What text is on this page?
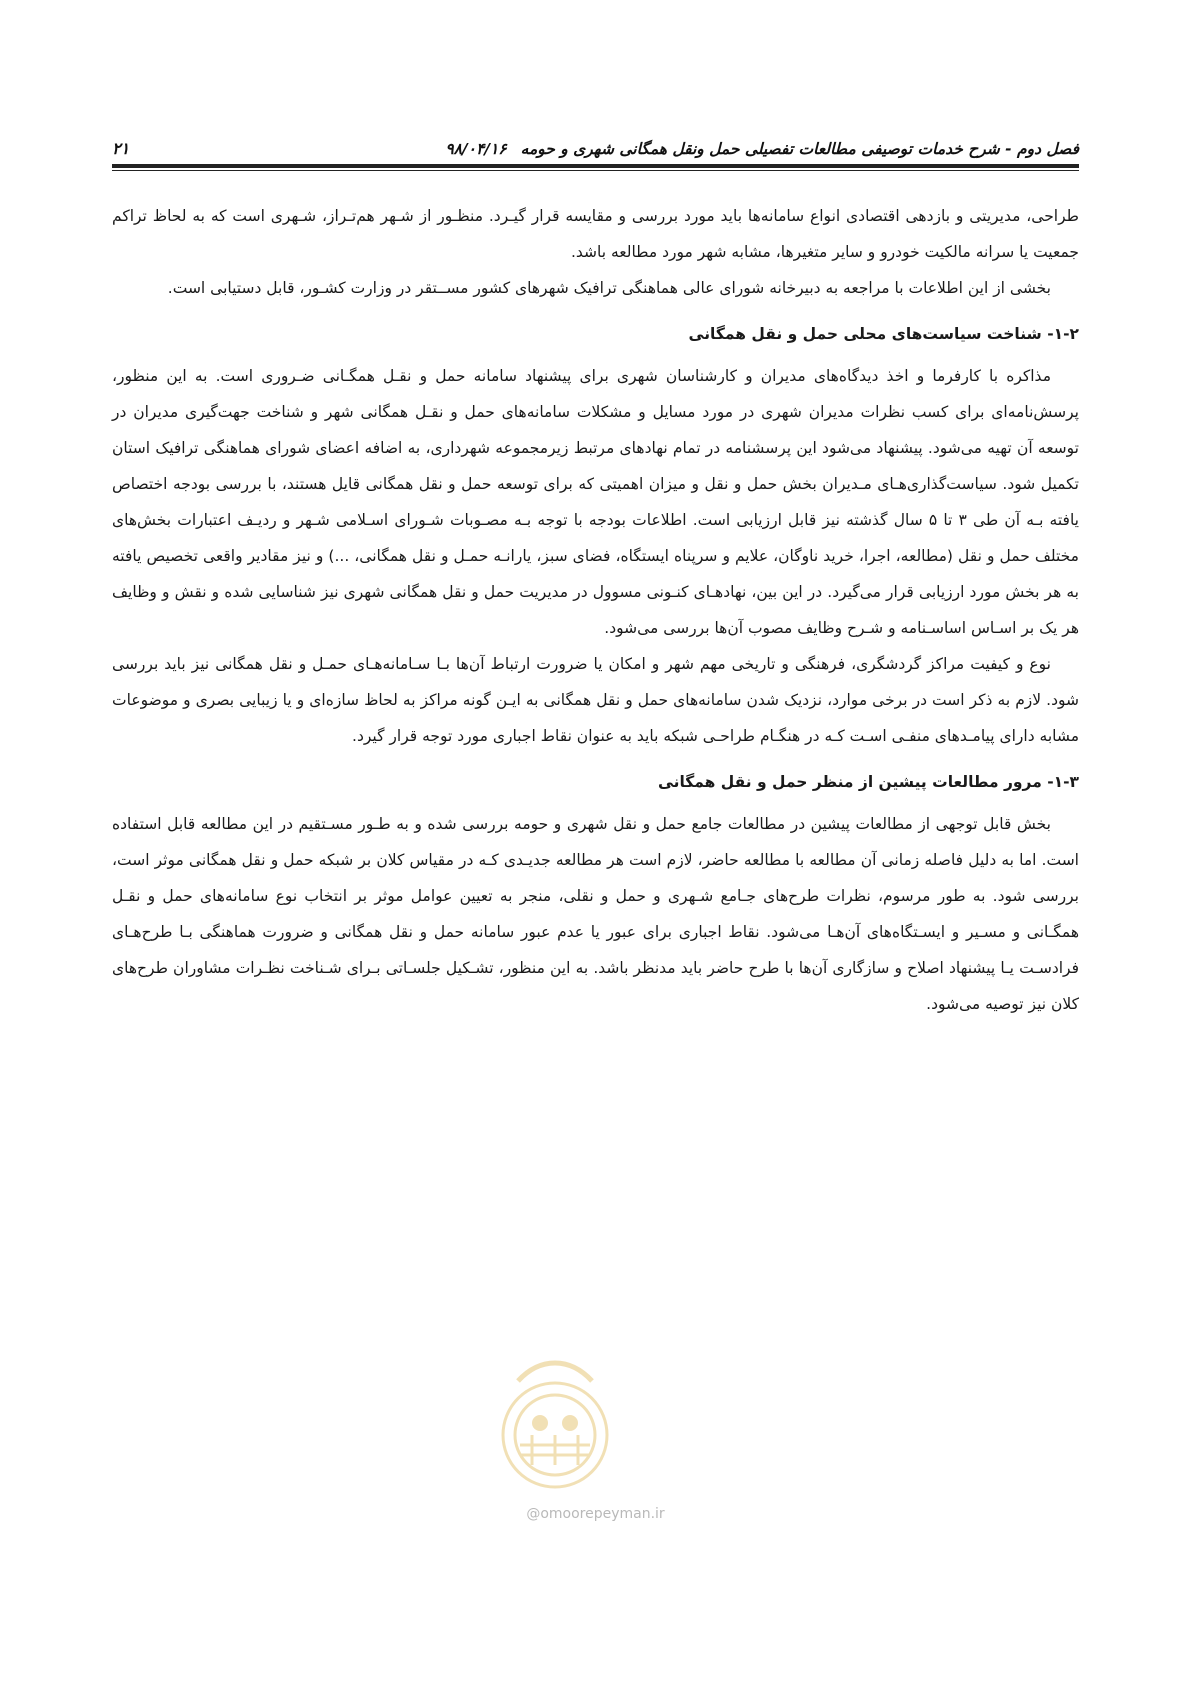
فصل دوم - شرح خدمات توصیفی مطالعات تفصیلی حمل ونقل همگانی شهری و حومه۹۸/۰۴/۱۶
۲۱

طراحی، مدیریتی و بازدهی اقتصادی انواع سامانه‌ها باید مورد بررسی و مقایسه قرار گیـرد. منظـور از شـهر هم‌تـراز، شـهری است که به لحاظ تراکم جمعیت یا سرانه مالکیت خودرو و سایر متغیرها، مشابه شهر مورد مطالعه باشد.

بخشی از این اطلاعات با مراجعه به دبیرخانه شورای عالی هماهنگی ترافیک شهرهای کشور مســتقر در وزارت کشـور، قابل دستیابی است.

۱-۲- شناخت سیاست‌های محلی حمل و نقل همگانی

مذاکره با کارفرما و اخذ دیدگاه‌های مدیران و کارشناسان شهری برای پیشنهاد سامانه حمل و نقـل همگـانی ضـروری است. به این منظور، پرسش‌نامه‌ای برای کسب نظرات مدیران شهری در مورد مسایل و مشکلات سامانه‌های حمل و نقـل همگانی شهر و شناخت جهت‌گیری مدیران در توسعه آن تهیه می‌شود. پیشنهاد می‌شود این پرسشنامه در تمام نهادهای مرتبط زیرمجموعه شهرداری، به اضافه اعضای شورای هماهنگی ترافیک استان تکمیل شود. سیاست‌گذاری‌هـای مـدیران بخش حمل و نقل و میزان اهمیتی که برای توسعه حمل و نقل همگانی قایل هستند، با بررسی بودجه اختصاص یافته بـه آن طی ۳ تا ۵ سال گذشته نیز قابل ارزیابی است. اطلاعات بودجه با توجه بـه مصـوبات شـورای اسـلامی شـهر و ردیـف اعتبارات بخش‌های مختلف حمل و نقل (مطالعه، اجرا، خرید ناوگان، علایم و سرپناه ایستگاه، فضای سبز، یارانـه حمـل و نقل همگانی، ...) و نیز مقادیر واقعی تخصیص یافته به هر بخش مورد ارزیابی قرار می‌گیرد. در این بین، نهادهـای کنـونی مسوول در مدیریت حمل و نقل همگانی شهری نیز شناسایی شده و نقش و وظایف هر یک بر اسـاس اساسـنامه و شـرح وظایف مصوب آن‌ها بررسی می‌شود.

نوع و کیفیت مراکز گردشگری، فرهنگی و تاریخی مهم شهر و امکان یا ضرورت ارتباط آن‌ها بـا سـامانه‌هـای حمـل و نقل همگانی نیز باید بررسی شود. لازم به ذکر است در برخی موارد، نزدیک شدن سامانه‌های حمل و نقل همگانی به ایـن گونه مراکز به لحاظ سازه‌ای و یا زیبایی بصری و موضوعات مشابه دارای پیامـدهای منفـی اسـت کـه در هنگـام طراحـی شبکه باید به عنوان نقاط اجباری مورد توجه قرار گیرد.

۱-۳- مرور مطالعات پیشین از منظر حمل و نقل همگانی

بخش قابل توجهی از مطالعات پیشین در مطالعات جامع حمل و نقل شهری و حومه بررسی شده و به طـور مسـتقیم در این مطالعه قابل استفاده است. اما به دلیل فاصله زمانی آن مطالعه با مطالعه حاضر، لازم است هر مطالعه جدیـدی کـه در مقیاس کلان بر شبکه حمل و نقل همگانی موثر است، بررسی شود. به طور مرسوم، نظرات طرح‌های جـامع شـهری و حمل و نقلی، منجر به تعیین عوامل موثر بر انتخاب نوع سامانه‌های حمل و نقـل همگـانی و مسـیر و ایسـتگاه‌های آن‌هـا می‌شود. نقاط اجباری برای عبور یا عدم عبور سامانه حمل و نقل همگانی و ضرورت هماهنگی بـا طرح‌هـای فرادسـت یـا پیشنهاد اصلاح و سازگاری آن‌ها با طرح حاضر باید مدنظر باشد. به این منظور، تشـکیل جلسـاتی بـرای شـناخت نظـرات مشاوران طرح‌های کلان نیز توصیه می‌شود.

@omoorepeyman.ir
